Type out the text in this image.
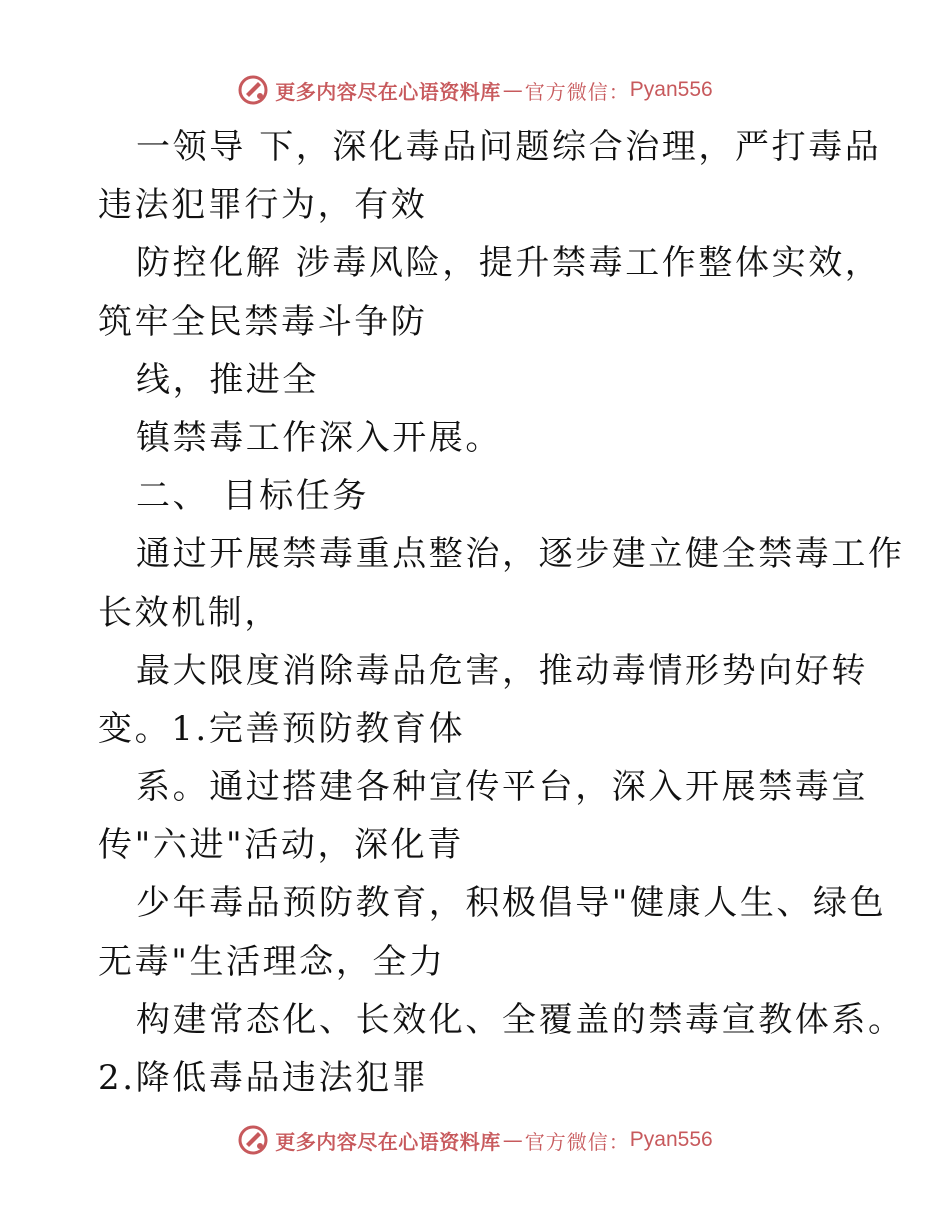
更多内容尽在心语资料库 — 官方微信： Pyan556
一领导 下，深化毒品问题综合治理，严打毒品
违法犯罪行为，有效
防控化解 涉毒风险，提升禁毒工作整体实效，
筑牢全民禁毒斗争防
线，推进全
镇禁毒工作深入开展。
二、 目标任务
通过开展禁毒重点整治，逐步建立健全禁毒工作
长效机制，
最大限度消除毒品危害，推动毒情形势向好转
变。1.完善预防教育体
系。通过搭建各种宣传平台，深入开展禁毒宣
传"六进"活动，深化青
少年毒品预防教育，积极倡导"健康人生、绿色
无毒"生活理念，全力
构建常态化、长效化、全覆盖的禁毒宣教体系。
2.降低毒品违法犯罪
更多内容尽在心语资料库 — 官方微信： Pyan556
